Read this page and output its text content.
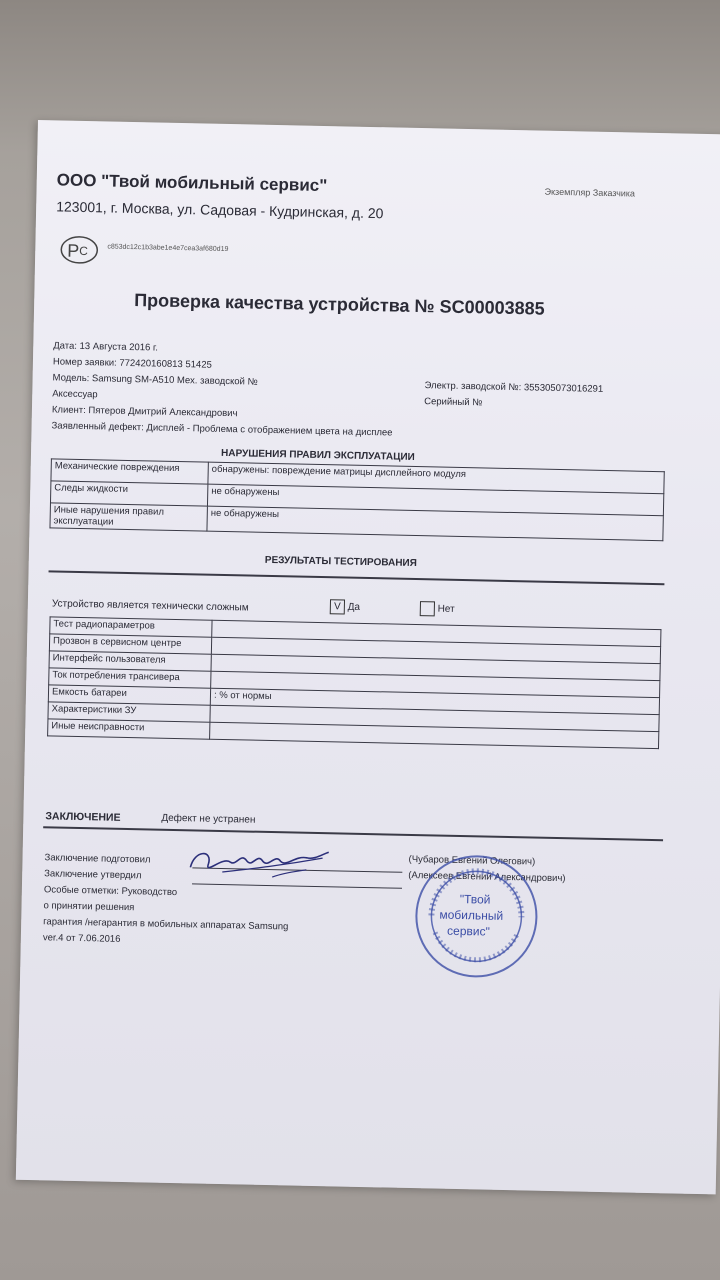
ООО "Твой мобильный сервис"
123001, г. Москва, ул. Садовая - Кудринская, д. 20
Экземпляр Заказчика
Р С	c853dc12c1b3abe1e4e7cea3af680d19
Проверка качества устройства № SC00003885
Дата: 13 Августа 2016 г.
Номер заявки: 772420160813 51425
Модель: Samsung SM-A510 Мех. заводской №	Электр. заводской №: 355305073016291
Аксессуар
Серийный №
Клиент: Пятеров Дмитрий Александрович
Заявленный дефект: Дисплей - Проблема с отображением цвета на дисплее
НАРУШЕНИЯ ПРАВИЛ ЭКСПЛУАТАЦИИ
Механические повреждения	обнаружены: повреждение матрицы дисплейного модуля
Следы жидкости	не обнаружены
Иные нарушения правил эксплуатации	не обнаружены
РЕЗУЛЬТАТЫ ТЕСТИРОВАНИЯ
Устройство является технически сложным	V Да	Нет
Тест радиопараметров	
Прозвон в сервисном центре	
Интерфейс пользователя	
Ток потребления трансивера	
Емкость батареи	: % от нормы
Характеристики ЗУ	
Иные неисправности	
ЗАКЛЮЧЕНИЕ	Дефект не устранен
Заключение подготовил	(Чубаров Евгений Олегович)
Заключение утвердил	(Алексеев Евгений Александрович)
Особые отметки: Руководство
о принятии решения
гарантия /негарантия в мобильных аппаратах Samsung
ver.4 от 7.06.2016
"Твой
мобильный
сервис"
